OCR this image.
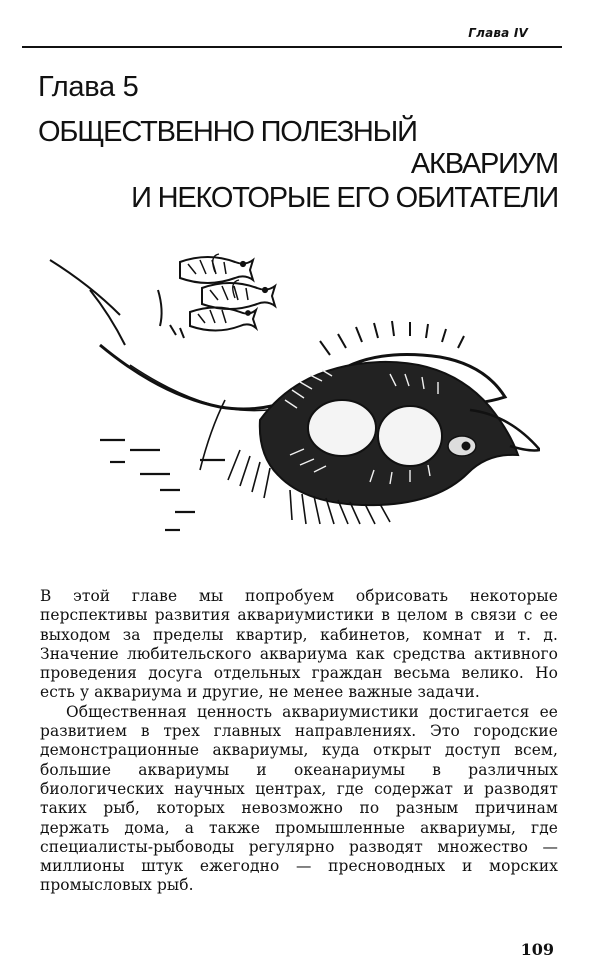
Глава IV
Глава 5
ОБЩЕСТВЕННО ПОЛЕЗНЫЙ
АКВАРИУМ
И НЕКОТОРЫЕ ЕГО ОБИТАТЕЛИ

В этой главе мы попробуем обрисовать некоторые перспективы развития аквариумистики в целом в связи с ее выходом за пределы квартир, кабинетов, комнат и т. д. Значение любительского аквариума как средства активного проведения досуга отдельных граждан весьма велико. Но есть у аквариума и другие, не менее важные задачи.

Общественная ценность аквариумистики достигается ее развитием в трех главных направлениях. Это городские демонстрационные аквариумы, куда открыт доступ всем, большие аквариумы и океанариумы в различных биологических научных центрах, где содержат и разводят таких рыб, которых невозможно по разным причинам держать дома, а также промышленные аквариумы, где специалисты-рыбоводы регулярно разводят множество — миллионы штук ежегодно — пресноводных и морских промысловых рыб.

109
